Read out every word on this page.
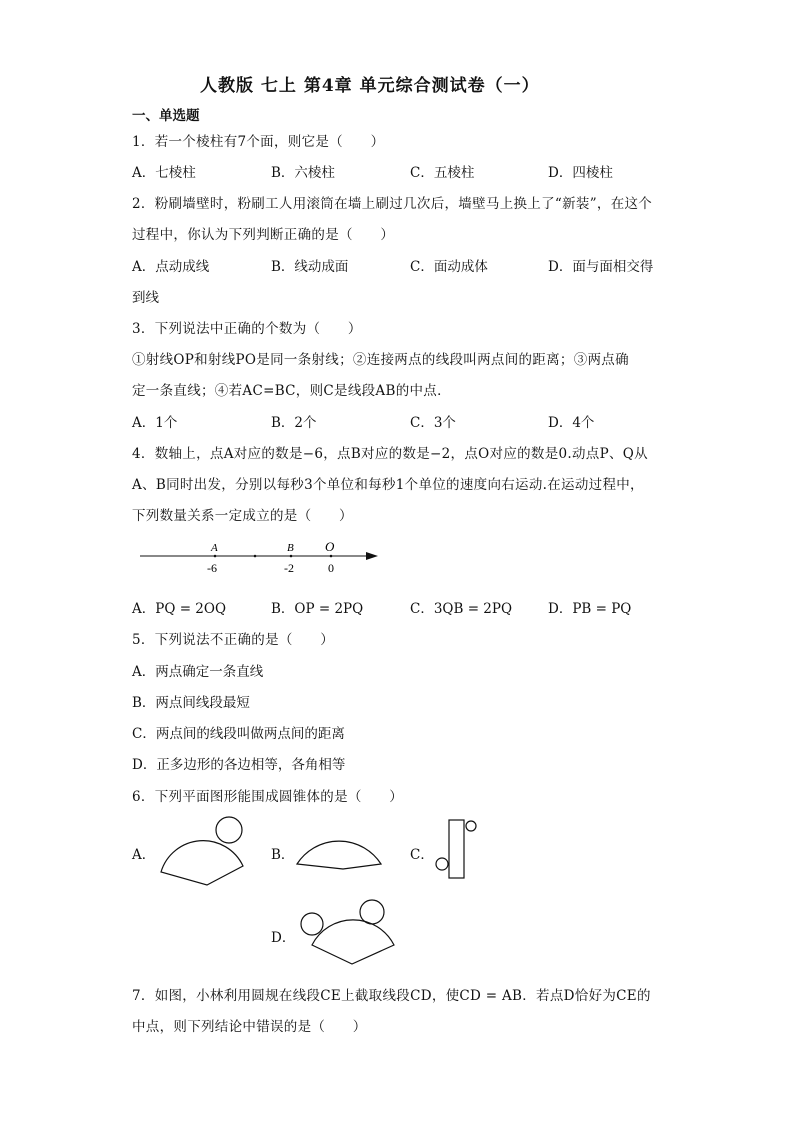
人教版 七上 第4章 单元综合测试卷（一）
一、单选题
1．若一个棱柱有7个面，则它是（　　）
A．七棱柱	B．六棱柱	C．五棱柱	D．四棱柱
2．粉刷墙壁时，粉刷工人用滚筒在墙上刷过几次后，墙壁马上换上了“新装”，在这个
过程中，你认为下列判断正确的是（　　）
A．点动成线	B．线动成面	C．面动成体	D．面与面相交得
到线
3．下列说法中正确的个数为（　　）
①射线OP和射线PO是同一条射线；②连接两点的线段叫两点间的距离；③两点确
定一条直线；④若AC=BC，则C是线段AB的中点．
A．1个	B．2个	C．3个	D．4个
4．数轴上，点A对应的数是−6，点B对应的数是−2，点O对应的数是0.动点P、Q从
A、B同时出发，分别以每秒3个单位和每秒1个单位的速度向右运动.在运动过程中，
下列数量关系一定成立的是（　　）
A	B O
-6	-2	0
A．PQ = 2OQ	B．OP = 2PQ	C．3QB = 2PQ	D．PB = PQ
5．下列说法不正确的是（　　）
A．两点确定一条直线
B．两点间线段最短
C．两点间的线段叫做两点间的距离
D．正多边形的各边相等，各角相等
6．下列平面图形能围成圆锥体的是（　　）
A．	B．	C．
D．
7．如图，小林利用圆规在线段CE上截取线段CD，使CD = AB．若点D恰好为CE的
中点，则下列结论中错误的是（　　）
